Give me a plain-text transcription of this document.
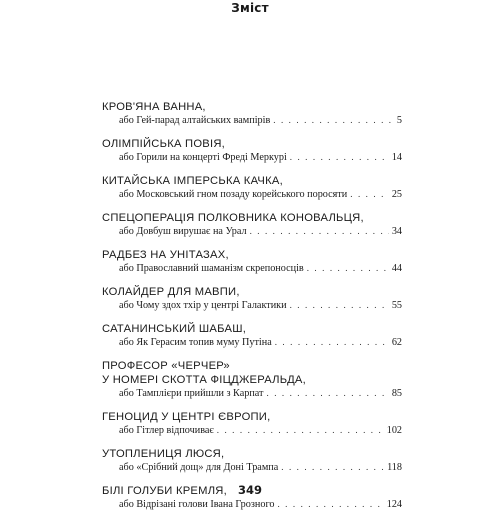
Зміст
КРОВ'ЯНА ВАННА,
або Гей-парад алтайських вампірів . . .	5
ОЛІМПІЙСЬКА ПОВІЯ,
або Горили на концерті Фреді Меркурі . . .	14
КИТАЙСЬКА ІМПЕРСЬКА КАЧКА,
або Московський гном позаду корейського поросяти . . .	25
СПЕЦОПЕРАЦІЯ ПОЛКОВНИКА КОНОВАЛЬЦЯ,
або Довбуш вирушає на Урал . . .	34
РАДБЕЗ НА УНІТАЗАХ,
або Православний шаманізм скрепоносців . . .	44
КОЛАЙДЕР ДЛЯ МАВПИ,
або Чому здох тхір у центрі Галактики . . .	55
САТАНИНСЬКИЙ ШАБАШ,
або Як Герасим топив муму Путіна . . .	62
ПРОФЕСОР «ЧЕРЧЕР»
У НОМЕРІ СКОТТА ФІЦДЖЕРАЛЬДА,
або Тамплієри прийшли з Карпат . . .	85
ГЕНОЦИД У ЦЕНТРІ ЄВРОПИ,
або Гітлер відпочиває . . .	102
УТОПЛЕНИЦЯ ЛЮСЯ,
або «Срібний дощ» для Доні Трампа . . .	118
БІЛІ ГОЛУБИ КРЕМЛЯ,
або Відрізані голови Івана Грозного . . .	124
349
